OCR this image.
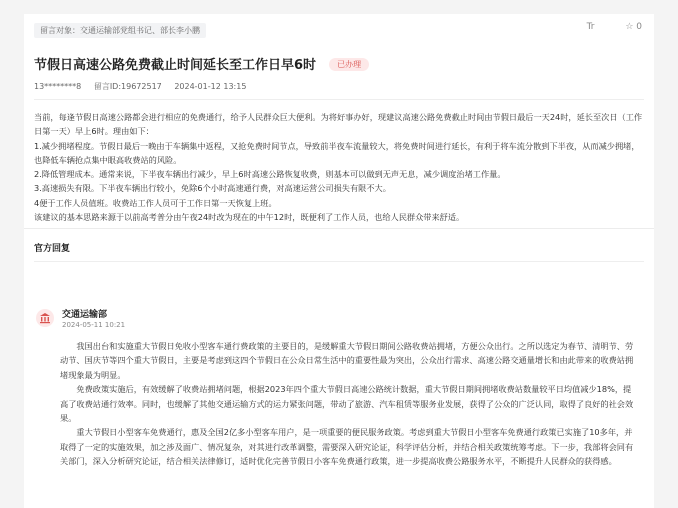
留言对象：交通运输部党组书记、部长李小鹏	Tr	☆ 0
节假日高速公路免费截止时间延长至工作日早6时	已办理
13********8 留言ID:19672517 2024-01-12 13:15

当前，每逢节假日高速公路都会进行相应的免费通行，给予人民群众巨大便利。为将好事办好，现建议高速公路免费截止时间由节假日最后一天24时，延长至次日（工作日第一天）早上6时。理由如下：

1.减少拥堵程度。节假日最后一晚由于车辆集中返程，又抢免费时间节点，导致前半夜车流量较大，将免费时间进行延长，有利于将车流分散到下半夜，从而减少拥堵，也降低车辆抢点集中眼高收费站的风险。

2.降低管理成本。通常来说，下半夜车辆出行减少，早上6时高速公路恢复收费，则基本可以做到无声无息，减少调度治堵工作量。

3.高速损失有限。下半夜车辆出行较小，免除6个小时高速通行费，对高速运营公司损失有限不大。

4便于工作人员值班。收费站工作人员可于工作日第一天恢复上班。

该建议的基本思路来源于以前高考普分由午夜24时改为现在的中午12时，既便利了工作人员，也给人民群众带来舒适。

官方回复
交通运输部
2024-05-11 10:21

我国出台和实施重大节假日免收小型客车通行费政策的主要目的，是缓解重大节假日期间公路收费站拥堵，方便公众出行。之所以选定为春节、清明节、劳动节、国庆节等四个重大节假日，主要是考虑到这四个节假日在公众日常生活中的重要性最为突出，公众出行需求、高速公路交通量增长和由此带来的收费站拥堵现象最为明显。

免费政策实施后，有效缓解了收费站拥堵问题，根据2023年四个重大节假日高速公路统计数据，重大节假日期间拥堵收费站数量较平日均值减少18%，提高了收费站通行效率。同时，也缓解了其他交通运输方式的运力紧张问题，带动了旅游、汽车租赁等服务业发展，获得了公众的广泛认同，取得了良好的社会效果。

重大节假日小型客车免费通行，惠及全国2亿多小型客车用户，是一项重要的便民服务政策。考虑到重大节假日小型客车免费通行政策已实施了10多年，并取得了一定的实施效果，加之涉及面广、情况复杂，对其进行改革调整，需要深入研究论证，科学评估分析，并结合相关政策统筹考虑。下一步，我部将会同有关部门，深入分析研究论证，结合相关法律修订，适时优化完善节假日小客车免费通行政策，进一步提高收费公路服务水平，不断提升人民群众的获得感。
